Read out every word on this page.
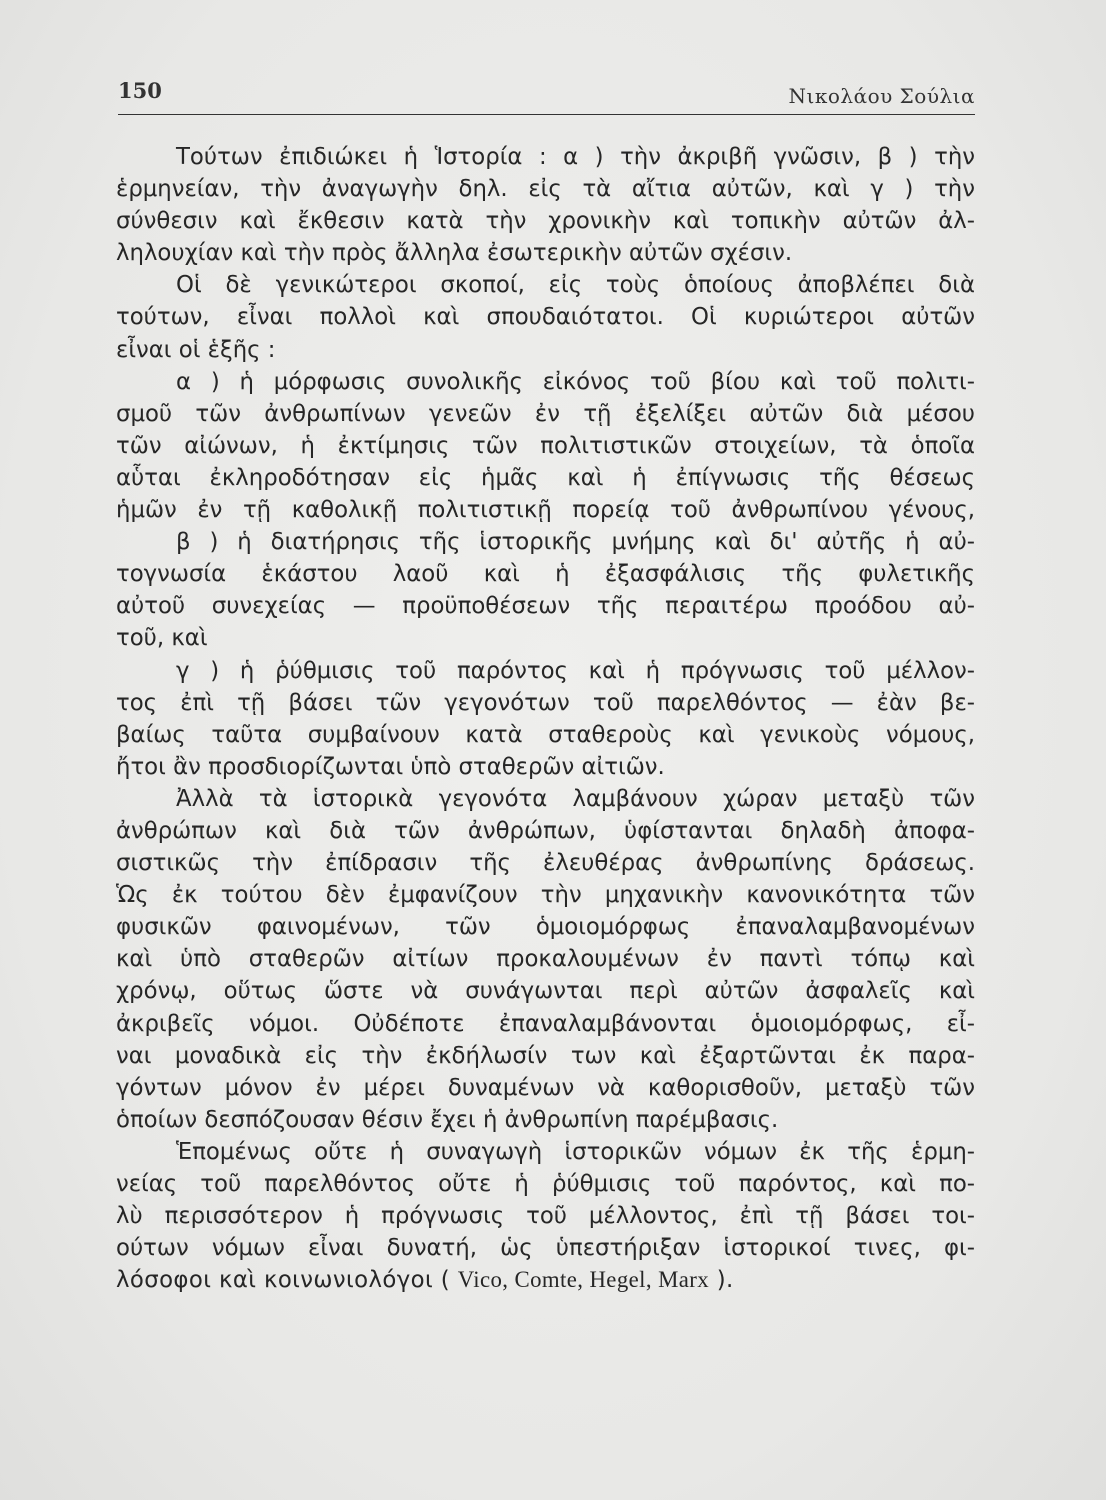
150	Νικολάου Σούλια
Τούτων ἐπιδιώκει ἡ Ἱστορία : α ) τὴν ἀκριβῆ γνῶσιν, β ) τὴν
ἑρμηνείαν, τὴν ἀναγωγὴν δηλ. εἰς τὰ αἴτια αὐτῶν, καὶ γ ) τὴν
σύνθεσιν καὶ ἔκθεσιν κατὰ τὴν χρονικὴν καὶ τοπικὴν αὐτῶν ἀλ-
ληλουχίαν καὶ τὴν πρὸς ἄλληλα ἐσωτερικὴν αὐτῶν σχέσιν.
Οἱ δὲ γενικώτεροι σκοποί, εἰς τοὺς ὁποίους ἀποβλέπει διὰ
τούτων, εἶναι πολλοὶ καὶ σπουδαιότατοι. Οἱ κυριώτεροι αὐτῶν
εἶναι οἱ ἑξῆς :
α ) ἡ μόρφωσις συνολικῆς εἰκόνος τοῦ βίου καὶ τοῦ πολιτι-
σμοῦ τῶν ἀνθρωπίνων γενεῶν ἐν τῇ ἐξελίξει αὐτῶν διὰ μέσου
τῶν αἰώνων, ἡ ἐκτίμησις τῶν πολιτιστικῶν στοιχείων, τὰ ὁποῖα
αὗται ἐκληροδότησαν εἰς ἡμᾶς καὶ ἡ ἐπίγνωσις τῆς θέσεως
ἡμῶν ἐν τῇ καθολικῇ πολιτιστικῇ πορείᾳ τοῦ ἀνθρωπίνου γένους,
β ) ἡ διατήρησις τῆς ἱστορικῆς μνήμης καὶ δι' αὐτῆς ἡ αὐ-
τογνωσία ἑκάστου λαοῦ καὶ ἡ ἐξασφάλισις τῆς φυλετικῆς
αὐτοῦ συνεχείας — προϋποθέσεων τῆς περαιτέρω προόδου αὐ-
τοῦ, καὶ
γ ) ἡ ῥύθμισις τοῦ παρόντος καὶ ἡ πρόγνωσις τοῦ μέλλον-
τος ἐπὶ τῇ βάσει τῶν γεγονότων τοῦ παρελθόντος — ἐὰν βε-
βαίως ταῦτα συμβαίνουν κατὰ σταθεροὺς καὶ γενικοὺς νόμους,
ἤτοι ἂν προσδιορίζωνται ὑπὸ σταθερῶν αἰτιῶν.
Ἀλλὰ τὰ ἱστορικὰ γεγονότα λαμβάνουν χώραν μεταξὺ τῶν
ἀνθρώπων καὶ διὰ τῶν ἀνθρώπων, ὑφίστανται δηλαδὴ ἀποφα-
σιστικῶς τὴν ἐπίδρασιν τῆς ἐλευθέρας ἀνθρωπίνης δράσεως.
Ὡς ἐκ τούτου δὲν ἐμφανίζουν τὴν μηχανικὴν κανονικότητα τῶν
φυσικῶν φαινομένων, τῶν ὁμοιομόρφως ἐπαναλαμβανομένων
καὶ ὑπὸ σταθερῶν αἰτίων προκαλουμένων ἐν παντὶ τόπῳ καὶ
χρόνῳ, οὕτως ὥστε νὰ συνάγωνται περὶ αὐτῶν ἀσφαλεῖς καὶ
ἀκριβεῖς νόμοι. Οὐδέποτε ἐπαναλαμβάνονται ὁμοιομόρφως, εἶ-
ναι μοναδικὰ εἰς τὴν ἐκδήλωσίν των καὶ ἐξαρτῶνται ἐκ παρα-
γόντων μόνον ἐν μέρει δυναμένων νὰ καθορισθοῦν, μεταξὺ τῶν
ὁποίων δεσπόζουσαν θέσιν ἔχει ἡ ἀνθρωπίνη παρέμβασις.
Ἑπομένως οὔτε ἡ συναγωγὴ ἱστορικῶν νόμων ἐκ τῆς ἑρμη-
νείας τοῦ παρελθόντος οὔτε ἡ ῥύθμισις τοῦ παρόντος, καὶ πο-
λὺ περισσότερον ἡ πρόγνωσις τοῦ μέλλοντος, ἐπὶ τῇ βάσει τοι-
ούτων νόμων εἶναι δυνατή, ὡς ὑπεστήριξαν ἱστορικοί τινες, φι-
λόσοφοι καὶ κοινωνιολόγοι ( Vico, Comte, Hegel, Marx ).
